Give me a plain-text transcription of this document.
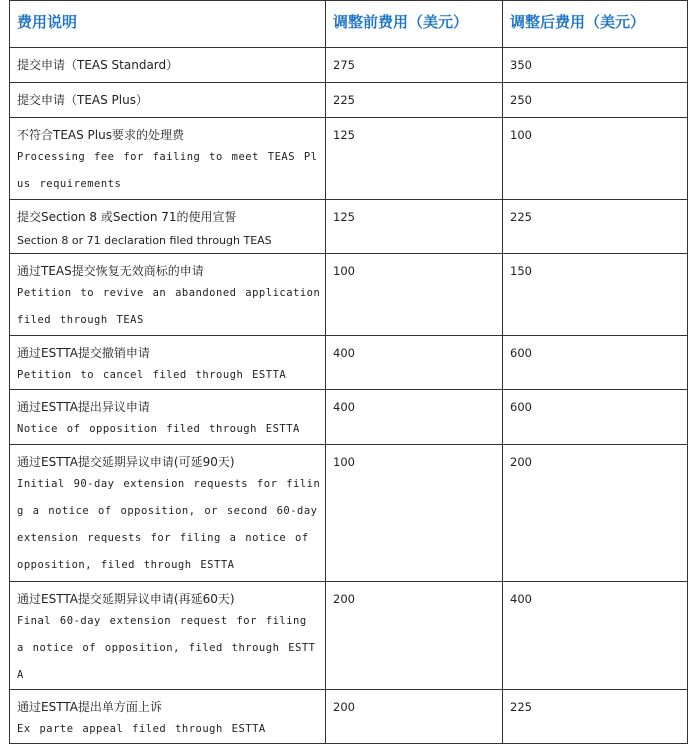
费用说明	调整前费用（美元）	调整后费用（美元）

提交申请（TEAS Standard）	275	350

提交申请（TEAS Plus）	225	250

不符合TEAS Plus要求的处理费
Processing fee for failing to meet TEAS Plus requirements	125	100

提交Section 8 或Section 71的使用宣誓
Section 8 or 71 declaration filed through TEAS	125	225

通过TEAS提交恢复无效商标的申请
Petition to revive an abandoned application filed through TEAS	100	150

通过ESTTA提交撤销申请
Petition to cancel filed through ESTTA	400	600

通过ESTTA提出异议申请
Notice of opposition filed through ESTTA	400	600

通过ESTTA提交延期异议申请(可延90天)
Initial 90-day extension requests for filing a notice of opposition, or second 60-day extension requests for filing a notice of opposition, filed through ESTTA	100	200

通过ESTTA提交延期异议申请(再延60天)
Final 60-day extension request for filing a notice of opposition, filed through ESTTA	200	400

通过ESTTA提出单方面上诉
Ex parte appeal filed through ESTTA	200	225
